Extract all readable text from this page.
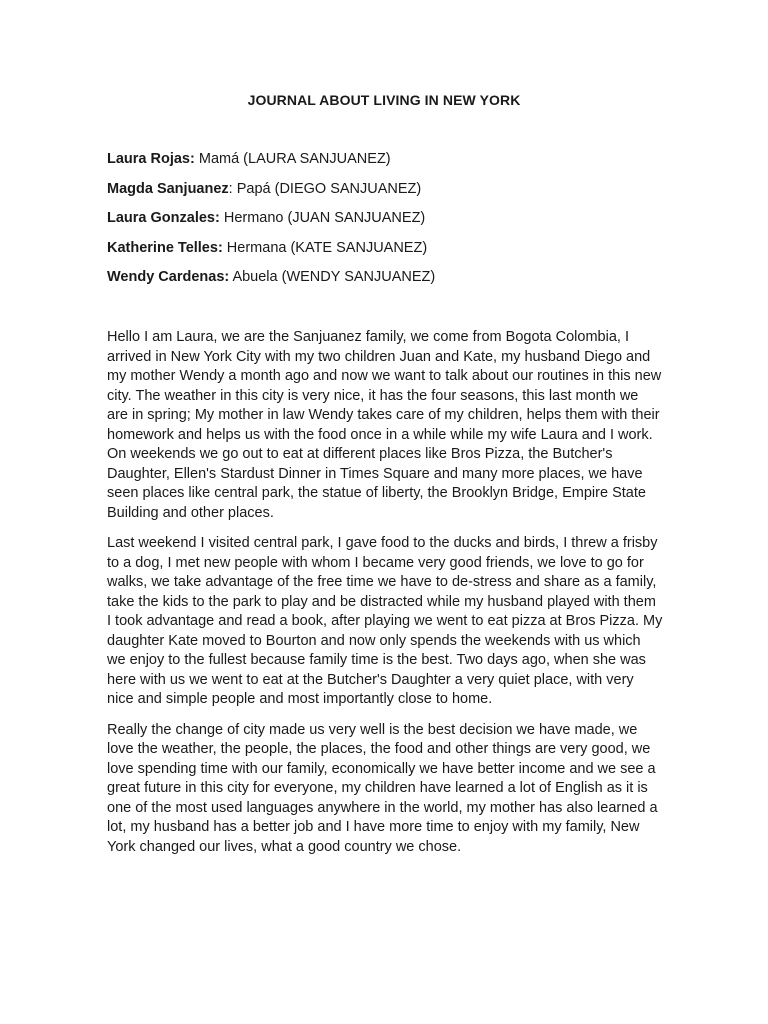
JOURNAL ABOUT LIVING IN NEW YORK
Laura Rojas: Mamá (LAURA SANJUANEZ)
Magda Sanjuanez: Papá (DIEGO SANJUANEZ)
Laura Gonzales: Hermano (JUAN SANJUANEZ)
Katherine Telles: Hermana (KATE SANJUANEZ)
Wendy Cardenas: Abuela (WENDY SANJUANEZ)

Hello I am Laura, we are the Sanjuanez family, we come from Bogota Colombia, I arrived in New York City with my two children Juan and Kate, my husband Diego and my mother Wendy a month ago and now we want to talk about our routines in this new city. The weather in this city is very nice, it has the four seasons, this last month we are in spring; My mother in law Wendy takes care of my children, helps them with their homework and helps us with the food once in a while while my wife Laura and I work. On weekends we go out to eat at different places like Bros Pizza, the Butcher's Daughter, Ellen's Stardust Dinner in Times Square and many more places, we have seen places like central park, the statue of liberty, the Brooklyn Bridge, Empire State Building and other places.

Last weekend I visited central park, I gave food to the ducks and birds, I threw a frisby to a dog, I met new people with whom I became very good friends, we love to go for walks, we take advantage of the free time we have to de-stress and share as a family, take the kids to the park to play and be distracted while my husband played with them I took advantage and read a book, after playing we went to eat pizza at Bros Pizza. My daughter Kate moved to Bourton and now only spends the weekends with us which we enjoy to the fullest because family time is the best. Two days ago, when she was here with us we went to eat at the Butcher's Daughter a very quiet place, with very nice and simple people and most importantly close to home.

Really the change of city made us very well is the best decision we have made, we love the weather, the people, the places, the food and other things are very good, we love spending time with our family, economically we have better income and we see a great future in this city for everyone, my children have learned a lot of English as it is one of the most used languages anywhere in the world, my mother has also learned a lot, my husband has a better job and I have more time to enjoy with my family, New York changed our lives, what a good country we chose.
